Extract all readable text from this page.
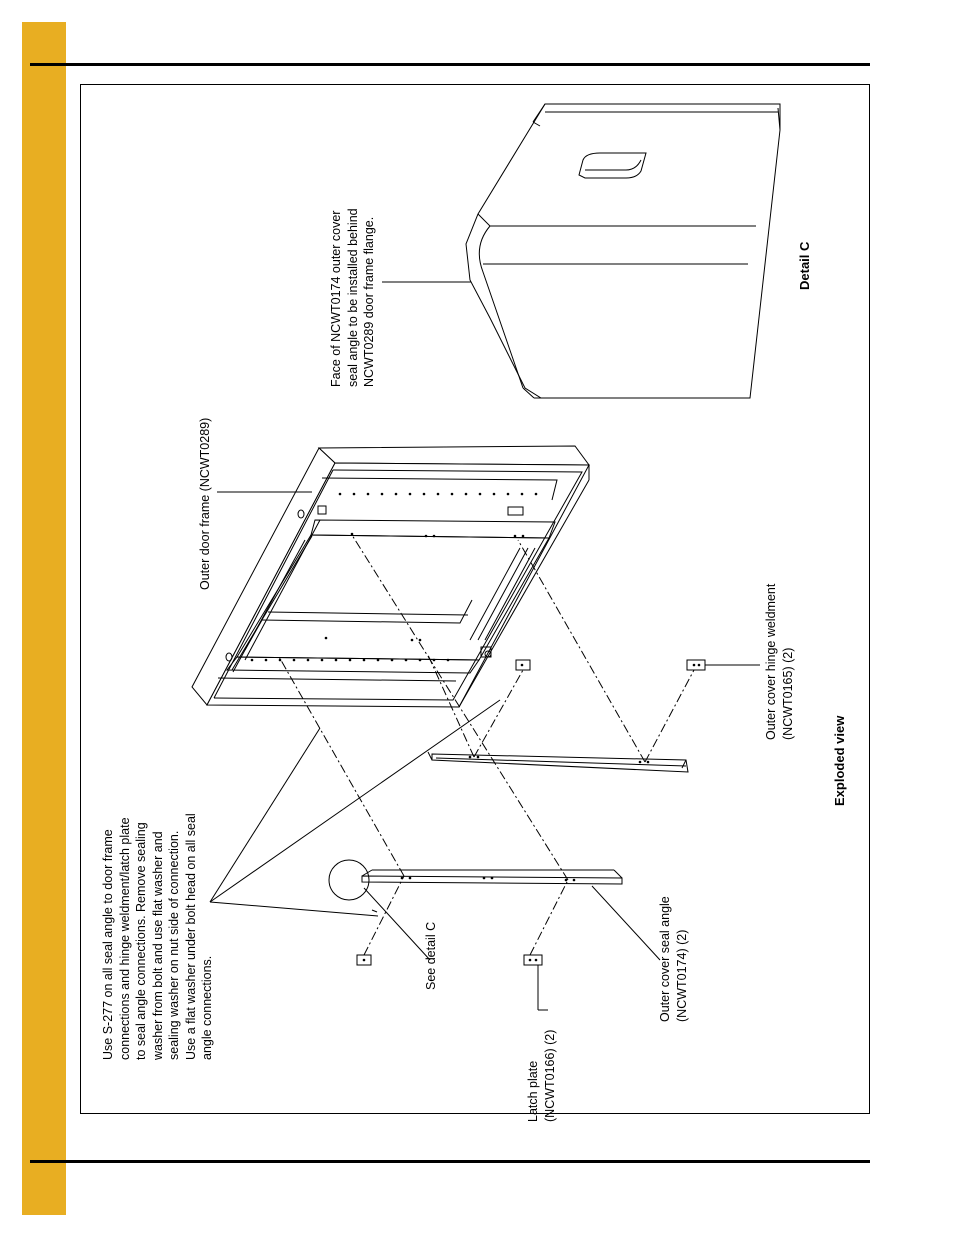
Use S-277 on all seal angle to door frame connections and hinge weldment/latch plate to seal angle connections. Remove sealing washer from bolt and use flat washer and sealing washer on nut side of connection. Use a flat washer under bolt head on all seal angle connections.
Latch plate (NCWT0166) (2)
See detail C	Outer cover seal angle (NCWT0174) (2)
Outer door frame (NCWT0289)
Outer cover hinge weldment (NCWT0165) (2)
Face of NCWT0174 outer cover seal angle to be installed behind NCWT0289 door frame flange.
Exploded view
Detail C
